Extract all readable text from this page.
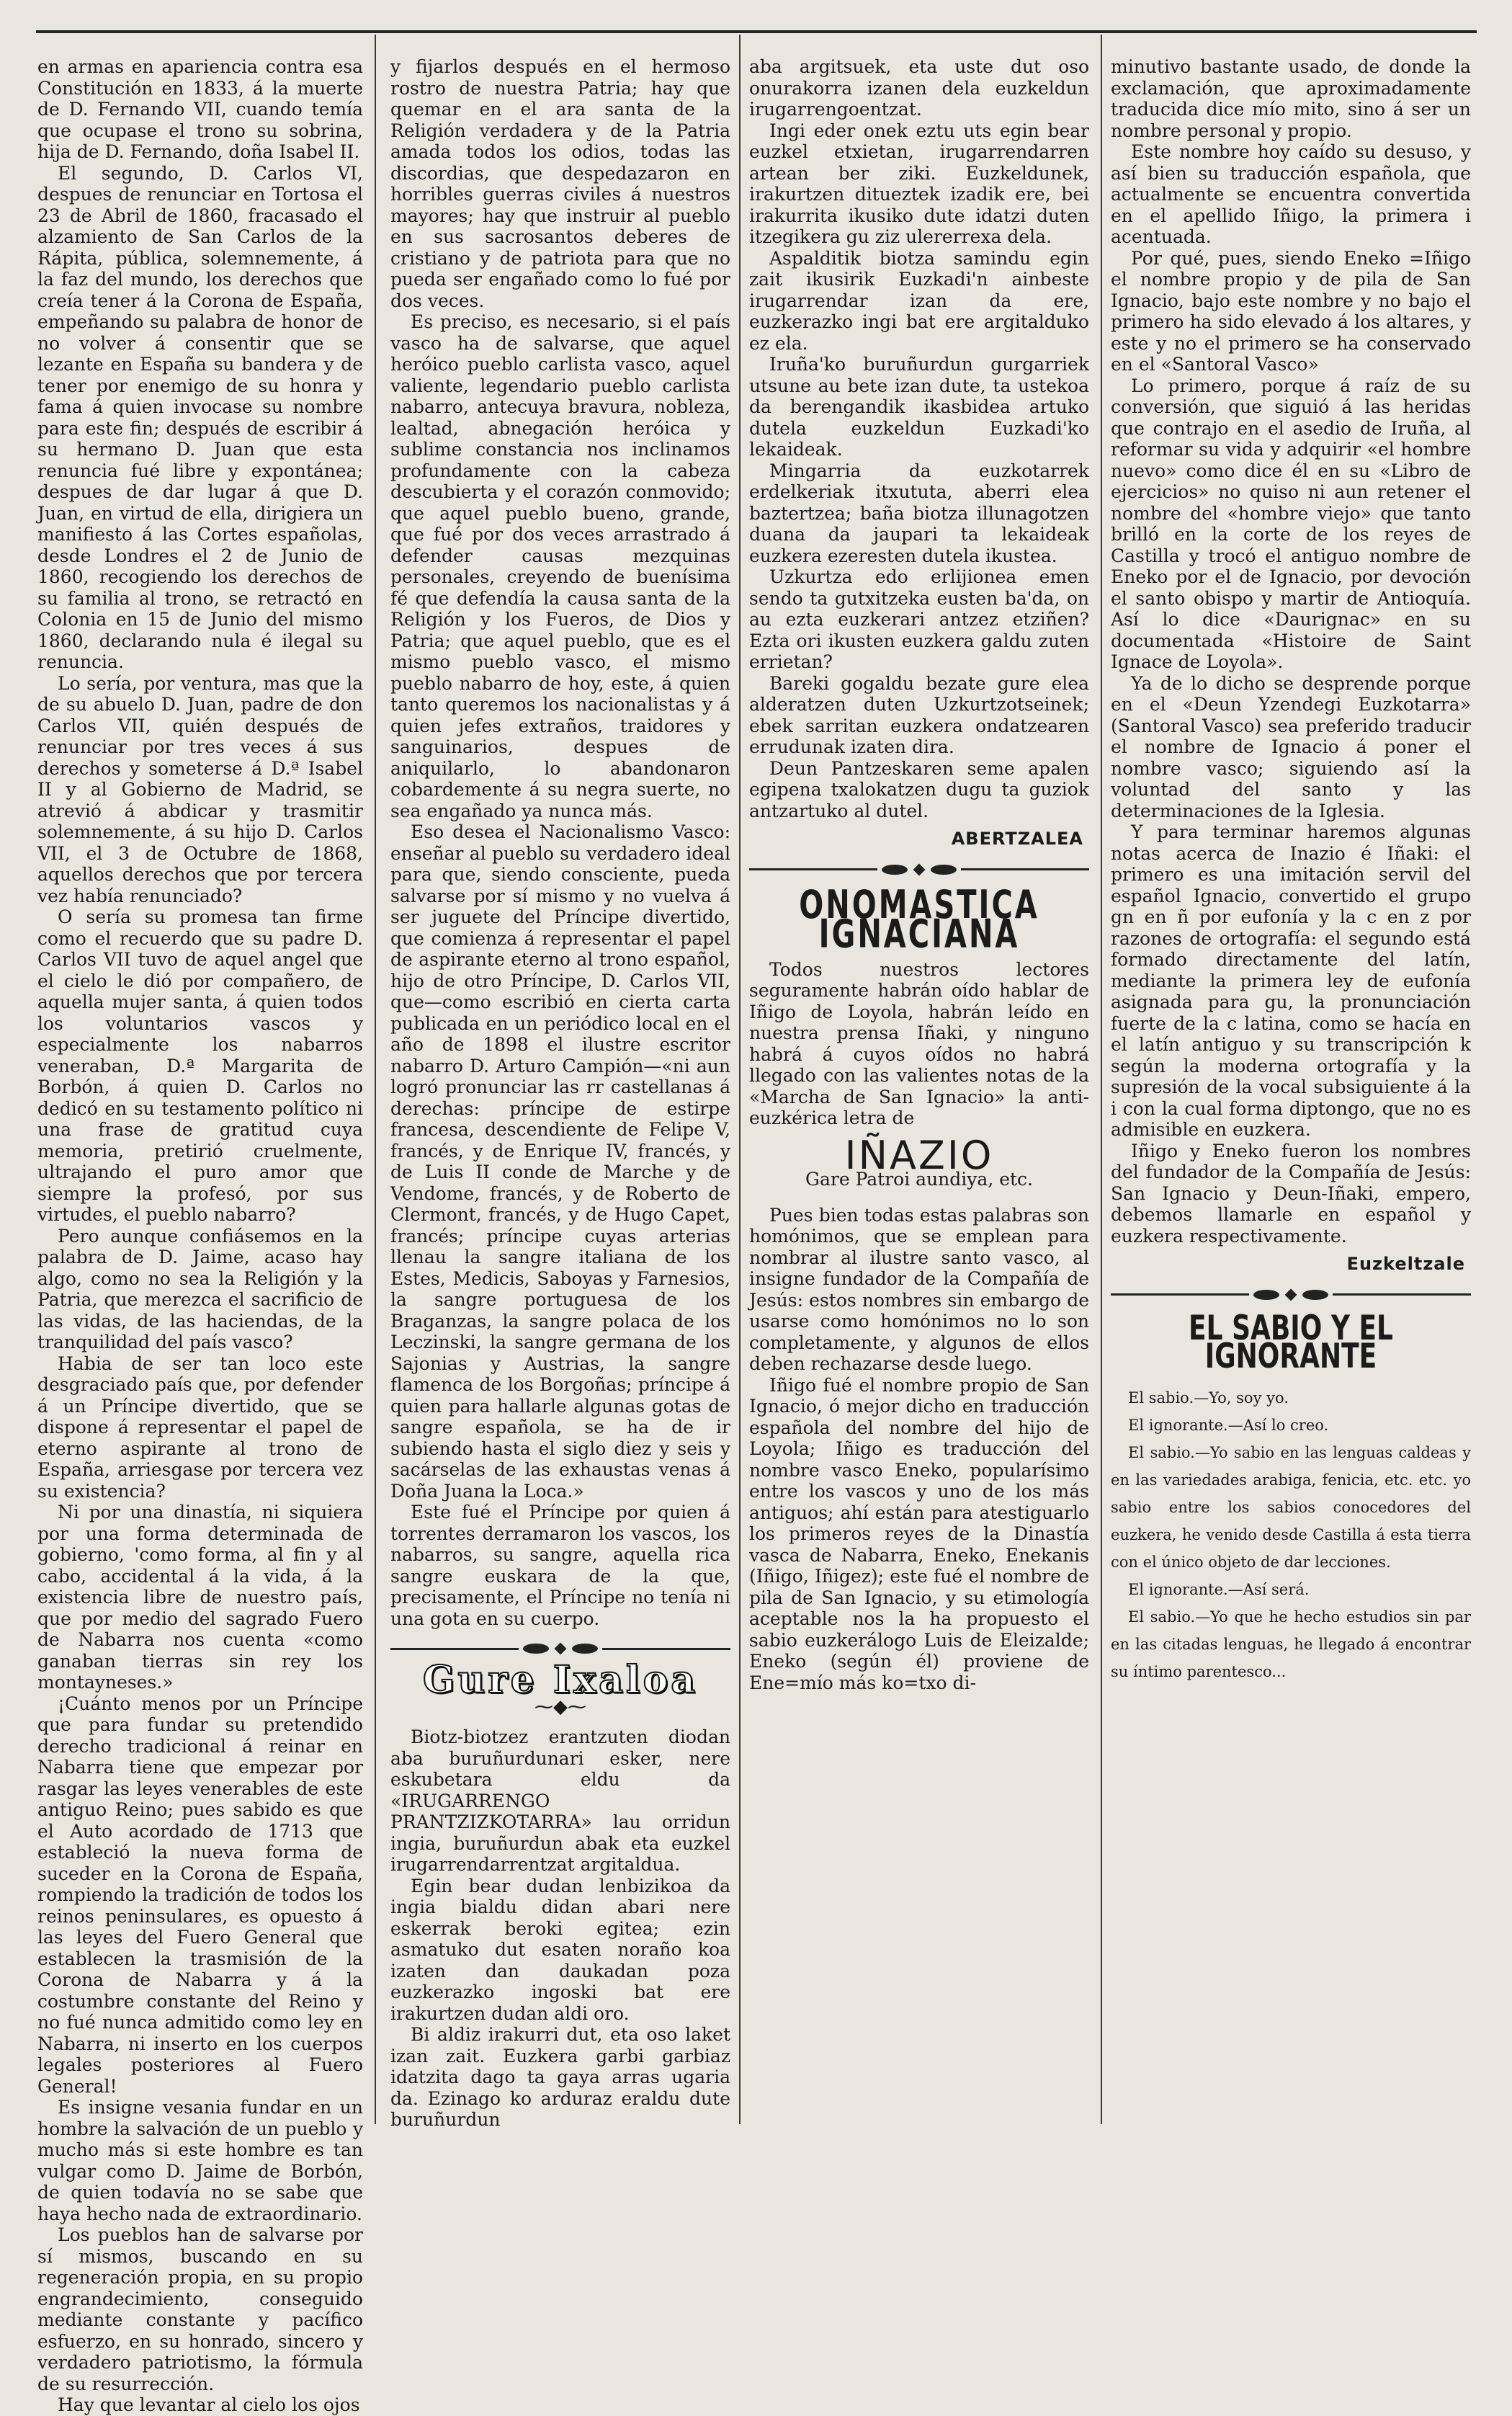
en armas en apariencia contra esa Constitución en 1833, á la muerte de D. Fernando VII, cuando temía que ocupase el trono su sobrina, hija de D. Fernando, doña Isabel II.

El segundo, D. Carlos VI, despues de renunciar en Tortosa el 23 de Abril de 1860, fracasado el alzamiento de San Carlos de la Rápita, pública, solemnemente, á la faz del mundo, los derechos que creía tener á la Corona de España, empeñando su palabra de honor de no volver á consentir que se lezante en España su bandera y de tener por enemigo de su honra y fama á quien invocase su nombre para este fin; después de escribir á su hermano D. Juan que esta renuncia fué libre y expontánea; despues de dar lugar á que D. Juan, en virtud de ella, dirigiera un manifiesto á las Cortes españolas, desde Londres el 2 de Junio de 1860, recogiendo los derechos de su familia al trono, se retractó en Colonia en 15 de Junio del mismo 1860, declarando nula é ilegal su renuncia.

Lo sería, por ventura, mas que la de su abuelo D. Juan, padre de don Carlos VII, quién después de renunciar por tres veces á sus derechos y someterse á D.ª Isabel II y al Gobierno de Madrid, se atrevió á abdicar y trasmitir solemnemente, á su hijo D. Carlos VII, el 3 de Octubre de 1868, aquellos derechos que por tercera vez había renunciado?

O sería su promesa tan firme como el recuerdo que su padre D. Carlos VII tuvo de aquel angel que el cielo le dió por compañero, de aquella mujer santa, á quien todos los voluntarios vascos y especialmente los nabarros veneraban, D.ª Margarita de Borbón, á quien D. Carlos no dedicó en su testamento político ni una frase de gratitud cuya memoria, pretirió cruelmente, ultrajando el puro amor que siempre la profesó, por sus virtudes, el pueblo nabarro?

Pero aunque confiásemos en la palabra de D. Jaime, acaso hay algo, como no sea la Religión y la Patria, que merezca el sacrificio de las vidas, de las haciendas, de la tranquilidad del país vasco?

Habia de ser tan loco este desgraciado país que, por defender á un Príncipe divertido, que se dispone á representar el papel de eterno aspirante al trono de España, arriesgase por tercera vez su existencia?

Ni por una dinastía, ni siquiera por una forma determinada de gobierno, 'como forma, al fin y al cabo, accidental á la vida, á la existencia libre de nuestro país, que por medio del sagrado Fuero de Nabarra nos cuenta «como ganaban tierras sin rey los montayneses.»

¡Cuánto menos por un Príncipe que para fundar su pretendido derecho tradicional á reinar en Nabarra tiene que empezar por rasgar las leyes venerables de este antiguo Reino; pues sabido es que el Auto acordado de 1713 que estableció la nueva forma de suceder en la Corona de España, rompiendo la tradición de todos los reinos peninsulares, es opuesto á las leyes del Fuero General que establecen la trasmisión de la Corona de Nabarra y á la costumbre constante del Reino y no fué nunca admitido como ley en Nabarra, ni inserto en los cuerpos legales posteriores al Fuero General!

Es insigne vesania fundar en un hombre la salvación de un pueblo y mucho más si este hombre es tan vulgar como D. Jaime de Borbón, de quien todavía no se sabe que haya hecho nada de extraordinario.

Los pueblos han de salvarse por sí mismos, buscando en su regeneración propia, en su propio engrandecimiento, conseguido mediante constante y pacífico esfuerzo, en su honrado, sincero y verdadero patriotismo, la fórmula de su resurrección.

Hay que levantar al cielo los ojos

y fijarlos después en el hermoso rostro de nuestra Patria; hay que quemar en el ara santa de la Religión verdadera y de la Patria amada todos los odios, todas las discordias, que despedazaron en horribles guerras civiles á nuestros mayores; hay que instruir al pueblo en sus sacrosantos deberes de cristiano y de patriota para que no pueda ser engañado como lo fué por dos veces.

Es preciso, es necesario, si el país vasco ha de salvarse, que aquel heróico pueblo carlista vasco, aquel valiente, legendario pueblo carlista nabarro, antecuya bravura, nobleza, lealtad, abnegación heróica y sublime constancia nos inclinamos profundamente con la cabeza descubierta y el corazón conmovido; que aquel pueblo bueno, grande, que fué por dos veces arrastrado á defender causas mezquinas personales, creyendo de buenísima fé que defendía la causa santa de la Religión y los Fueros, de Dios y Patria; que aquel pueblo, que es el mismo pueblo vasco, el mismo pueblo nabarro de hoy, este, á quien tanto queremos los nacionalistas y á quien jefes extraños, traidores y sanguinarios, despues de aniquilarlo, lo abandonaron cobardemente á su negra suerte, no sea engañado ya nunca más.

Eso desea el Nacionalismo Vasco: enseñar al pueblo su verdadero ideal para que, siendo consciente, pueda salvarse por sí mismo y no vuelva á ser juguete del Príncipe divertido, que comienza á representar el papel de aspirante eterno al trono español, hijo de otro Príncipe, D. Carlos VII, que—como escribió en cierta carta publicada en un periódico local en el año de 1898 el ilustre escritor nabarro D. Arturo Campión—«ni aun logró pronunciar las rr castellanas á derechas: príncipe de estirpe francesa, descendiente de Felipe V, francés, y de Enrique IV, francés, y de Luis II conde de Marche y de Vendome, francés, y de Roberto de Clermont, francés, y de Hugo Capet, francés; príncipe cuyas arterias llenau la sangre italiana de los Estes, Medicis, Saboyas y Farnesios, la sangre portuguesa de los Braganzas, la sangre polaca de los Leczinski, la sangre germana de los Sajonias y Austrias, la sangre flamenca de los Borgoñas; príncipe á quien para hallarle algunas gotas de sangre española, se ha de ir subiendo hasta el siglo diez y seis y sacárselas de las exhaustas venas á Doña Juana la Loca.»

Este fué el Príncipe por quien á torrentes derramaron los vascos, los nabarros, su sangre, aquella rica sangre euskara de la que, precisamente, el Príncipe no tenía ni una gota en su cuerpo.

Gure Ixaloa
⁓◆⁓

Biotz-biotzez erantzuten diodan aba buruñurdunari esker, nere eskubetara eldu da «IRUGARRENGO PRANTZIZKOTARRA» lau orridun ingia, buruñurdun abak eta euzkel irugarrendarrentzat argitaldua.

Egin bear dudan lenbizikoa da ingia bialdu didan abari nere eskerrak beroki egitea; ezin asmatuko dut esaten noraño koa izaten dan daukadan poza euzkerazko ingoski bat ere irakurtzen dudan aldi oro.

Bi aldiz irakurri dut, eta oso laket izan zait. Euzkera garbi garbiaz idatzita dago ta gaya arras ugaria da. Ezinago ko arduraz eraldu dute buruñurdun

aba argitsuek, eta uste dut oso onurakorra izanen dela euzkeldun irugarrengoentzat.

Ingi eder onek eztu uts egin bear euzkel etxietan, irugarrendarren artean ber ziki. Euzkeldunek, irakurtzen ditueztek izadik ere, bei irakurrita ikusiko dute idatzi duten itzegikera gu ziz ulererrexa dela.

Aspalditik biotza samindu egin zait ikusirik Euzkadi'n ainbeste irugarrendar izan da ere, euzkerazko ingi bat ere argitalduko ez ela.

Iruña'ko buruñurdun gurgarriek utsune au bete izan dute, ta ustekoa da berengandik ikasbidea artuko dutela euzkeldun Euzkadi'ko lekaideak.

Mingarria da euzkotarrek erdelkeriak itxututa, aberri elea baztertzea; baña biotza illunagotzen duana da jaupari ta lekaideak euzkera ezeresten dutela ikustea.

Uzkurtza edo erlijionea emen sendo ta gutxitzeka eusten ba'da, on au ezta euzkerari antzez etziñen? Ezta ori ikusten euzkera galdu zuten errietan?

Bareki gogaldu bezate gure elea alderatzen duten Uzkurtzotseinek; ebek sarritan euzkera ondatzearen errudunak izaten dira.

Deun Pantzeskaren seme apalen egipena txalokatzen dugu ta guziok antzartuko al dutel.

ABERTZALEA
ONOMASTICA IGNACIANA

Todos nuestros lectores seguramente habrán oído hablar de Iñigo de Loyola, habrán leído en nuestra prensa Iñaki, y ninguno habrá á cuyos oídos no habrá llegado con las valientes notas de la «Marcha de San Ignacio» la anti-euzkérica letra de

IÑAZIO
Gare Patroi aundiya, etc.

Pues bien todas estas palabras son homónimos, que se emplean para nombrar al ilustre santo vasco, al insigne fundador de la Compañía de Jesús: estos nombres sin embargo de usarse como homónimos no lo son completamente, y algunos de ellos deben rechazarse desde luego.

Iñigo fué el nombre propio de San Ignacio, ó mejor dicho en traducción española del nombre del hijo de Loyola; Iñigo es traducción del nombre vasco Eneko, popularísimo entre los vascos y uno de los más antiguos; ahí están para atestiguarlo los primeros reyes de la Dinastía vasca de Nabarra, Eneko, Enekanis (Iñigo, Iñigez); este fué el nombre de pila de San Ignacio, y su etimología aceptable nos la ha propuesto el sabio euzkerálogo Luis de Eleizalde; Eneko (según él) proviene de Ene=mío más ko=txo di-

minutivo bastante usado, de donde la exclamación, que aproximadamente traducida dice mío mito, sino á ser un nombre personal y propio.

Este nombre hoy caído su desuso, y así bien su traducción española, que actualmente se encuentra convertida en el apellido Iñigo, la primera i acentuada.

Por qué, pues, siendo Eneko =Iñigo el nombre propio y de pila de San Ignacio, bajo este nombre y no bajo el primero ha sido elevado á los altares, y este y no el primero se ha conservado en el «Santoral Vasco»

Lo primero, porque á raíz de su conversión, que siguió á las heridas que contrajo en el asedio de Iruña, al reformar su vida y adquirir «el hombre nuevo» como dice él en su «Libro de ejercicios» no quiso ni aun retener el nombre del «hombre viejo» que tanto brilló en la corte de los reyes de Castilla y trocó el antiguo nombre de Eneko por el de Ignacio, por devoción el santo obispo y martir de Antioquía. Así lo dice «Daurignac» en su documentada «Histoire de Saint Ignace de Loyola».

Ya de lo dicho se desprende porque en el «Deun Yzendegi Euzkotarra» (Santoral Vasco) sea preferido traducir el nombre de Ignacio á poner el nombre vasco; siguiendo así la voluntad del santo y las determinaciones de la Iglesia.

Y para terminar haremos algunas notas acerca de Inazio é Iñaki: el primero es una imitación servil del español Ignacio, convertido el grupo gn en ñ por eufonía y la c en z por razones de ortografía: el segundo está formado directamente del latín, mediante la primera ley de eufonía asignada para gu, la pronunciación fuerte de la c latina, como se hacía en el latín antiguo y su transcripción k según la moderna ortografía y la supresión de la vocal subsiguiente á la i con la cual forma diptongo, que no es admisible en euzkera.

Iñigo y Eneko fueron los nombres del fundador de la Compañía de Jesús: San Ignacio y Deun-Iñaki, empero, debemos llamarle en español y euzkera respectivamente.

Euzkeltzale
EL SABIO Y EL IGNORANTE

El sabio.—Yo, soy yo.

El ignorante.—Así lo creo.

El sabio.—Yo sabio en las lenguas caldeas y en las variedades arabiga, fenicia, etc. etc. yo sabio entre los sabios conocedores del euzkera, he venido desde Castilla á esta tierra con el único objeto de dar lecciones.

El ignorante.—Así será.

El sabio.—Yo que he hecho estudios sin par en las citadas lenguas, he llegado á encontrar su íntimo parentesco...
